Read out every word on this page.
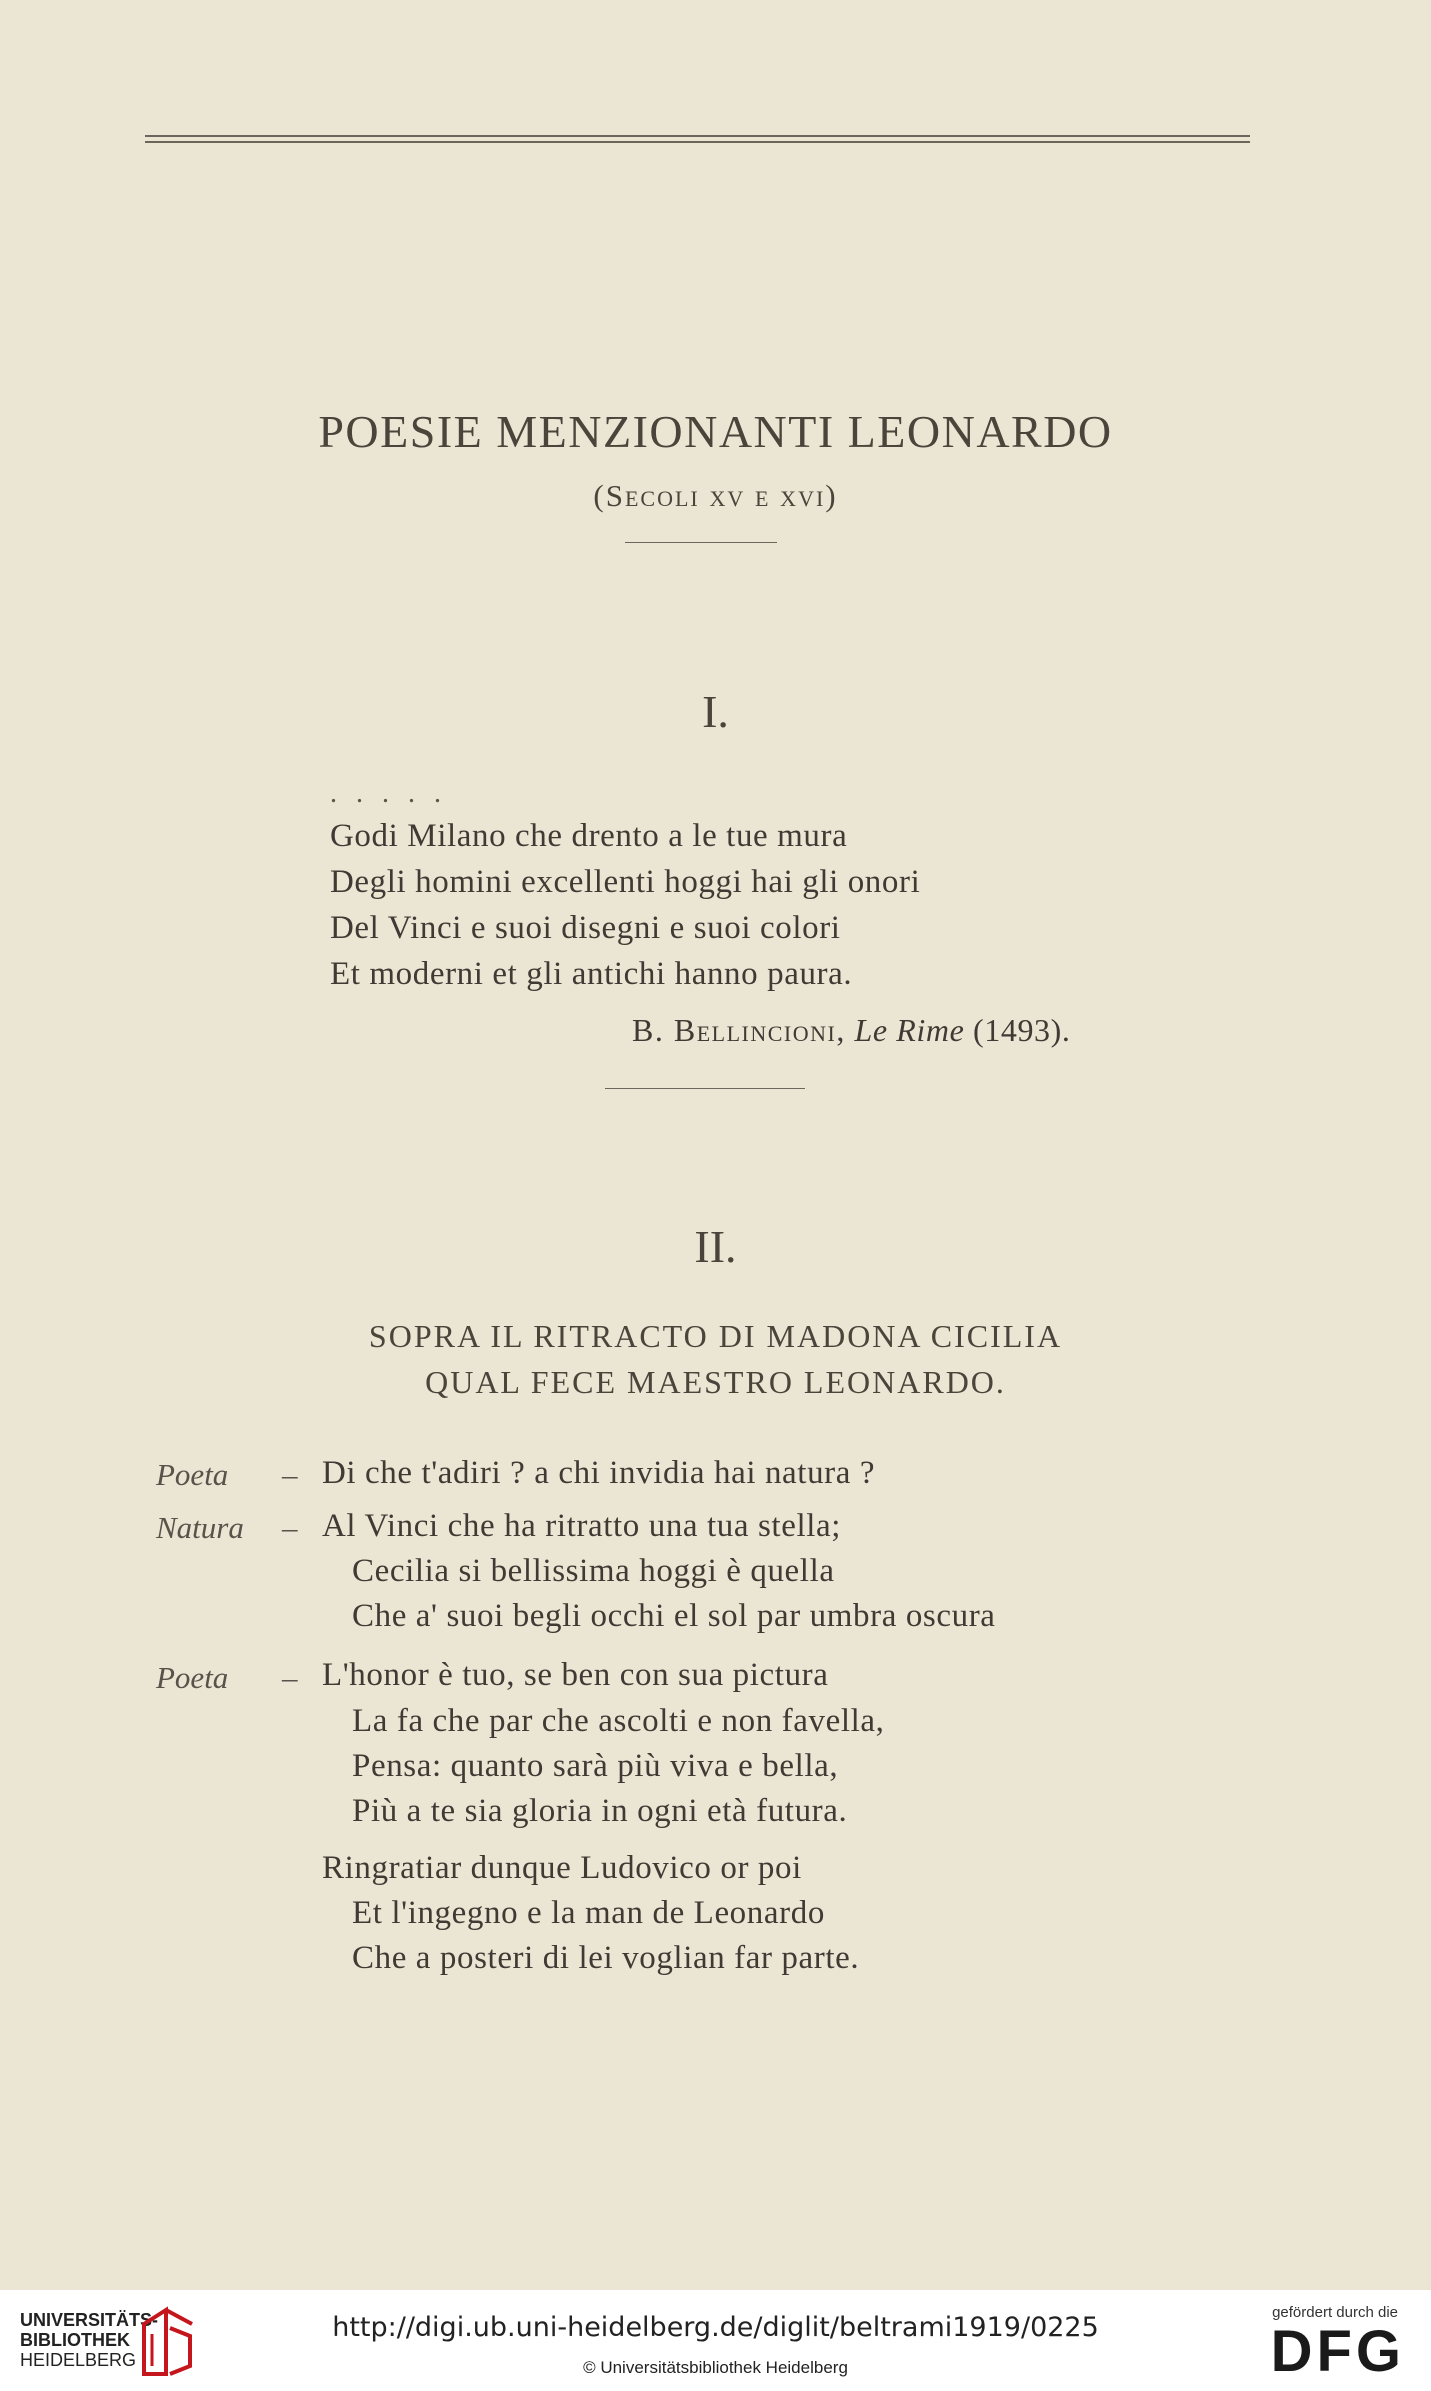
POESIE MENZIONANTI LEONARDO
(Secoli xv e xvi)
I.
. . . . .
Godi Milano che drento a le tue mura
Degli homini excellenti hoggi hai gli onori
Del Vinci e suoi disegni e suoi colori
Et moderni et gli antichi hanno paura.
B. Bellincioni, Le Rime (1493).
II.
SOPRA IL RITRACTO DI MADONA CICILIA
QUAL FECE MAESTRO LEONARDO.
Poeta – Di che t'adiri ? a chi invidia hai natura ?
Natura – Al Vinci che ha ritratto una tua stella;
Cecilia si bellissima hoggi è quella
Che a' suoi begli occhi el sol par umbra oscura
Poeta – L'honor è tuo, se ben con sua pictura
La fa che par che ascolti e non favella,
Pensa: quanto sarà più viva e bella,
Più a te sia gloria in ogni età futura.
Ringratiar dunque Ludovico or poi
Et l'ingegno e la man de Leonardo
Che a posteri di lei voglian far parte.
UNIVERSITÄTS-
BIBLIOTHEK
HEIDELBERG
http://digi.ub.uni-heidelberg.de/diglit/beltrami1919/0225
© Universitätsbibliothek Heidelberg
gefördert durch die
DFG
